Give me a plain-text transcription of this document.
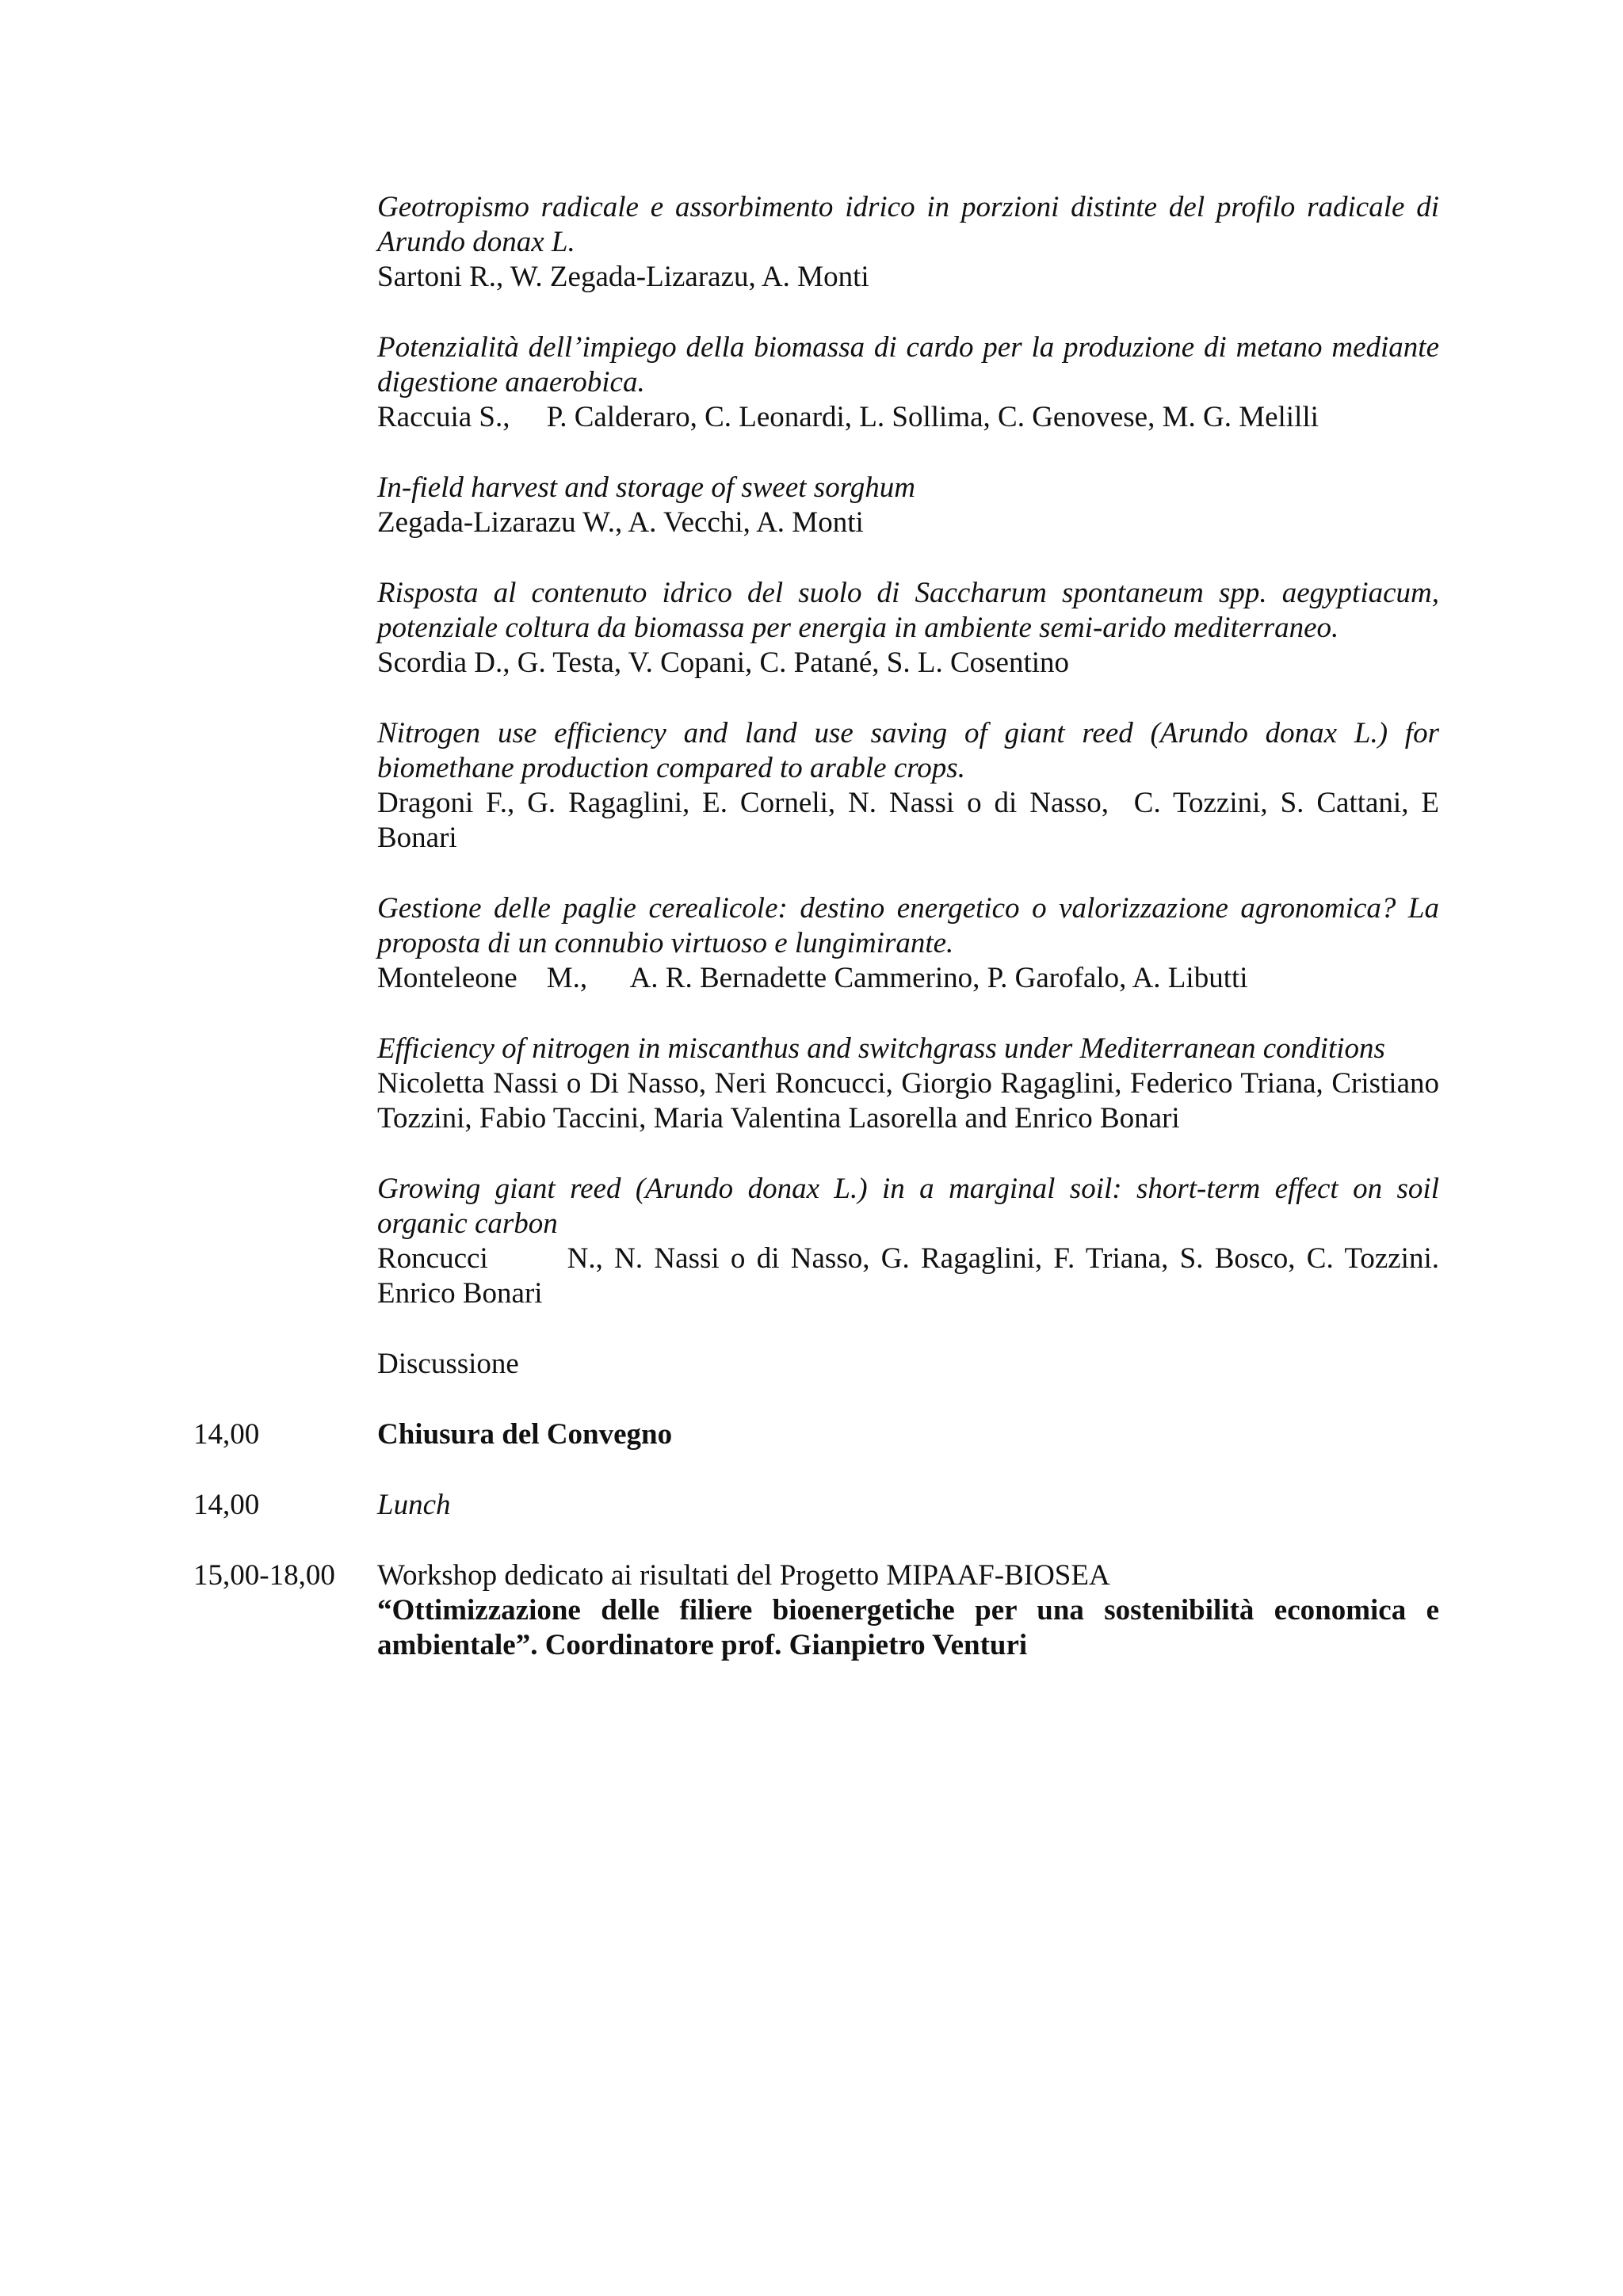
Geotropismo radicale e assorbimento idrico in porzioni distinte del profilo radicale di Arundo donax L.
Sartoni R., W. Zegada-Lizarazu, A. Monti
Potenzialità dell’impiego della biomassa di cardo per la produzione di metano mediante digestione anaerobica.
Raccuia S.,     P. Calderaro, C. Leonardi, L. Sollima, C. Genovese, M. G. Melilli
In-field harvest and storage of sweet sorghum
Zegada-Lizarazu W., A. Vecchi, A. Monti
Risposta al contenuto idrico del suolo di Saccharum spontaneum spp. aegyptiacum, potenziale coltura da biomassa per energia in ambiente semi-arido mediterraneo.
Scordia D., G. Testa, V. Copani, C. Patané, S. L. Cosentino
Nitrogen use efficiency and land use saving of giant reed (Arundo donax L.) for biomethane production compared to arable crops.
Dragoni F., G. Ragaglini, E. Corneli, N. Nassi o di Nasso,  C. Tozzini, S. Cattani, E Bonari
Gestione delle paglie cerealicole: destino energetico o valorizzazione agronomica? La proposta di un connubio virtuoso e lungimirante.
Monteleone    M.,      A. R. Bernadette Cammerino, P. Garofalo, A. Libutti
Efficiency of nitrogen in miscanthus and switchgrass under Mediterranean conditions
Nicoletta Nassi o Di Nasso, Neri Roncucci, Giorgio Ragaglini, Federico Triana, Cristiano Tozzini, Fabio Taccini, Maria Valentina Lasorella and Enrico Bonari
Growing giant reed (Arundo donax L.) in a marginal soil: short-term effect on soil organic carbon
Roncucci       N., N. Nassi o di Nasso, G. Ragaglini, F. Triana, S. Bosco, C. Tozzini. Enrico Bonari
Discussione
14,00	Chiusura del Convegno
14,00	Lunch
15,00-18,00	Workshop dedicato ai risultati del Progetto MIPAAF-BIOSEA
“Ottimizzazione delle filiere bioenergetiche per una sostenibilità economica e ambientale”. Coordinatore prof. Gianpietro Venturi
